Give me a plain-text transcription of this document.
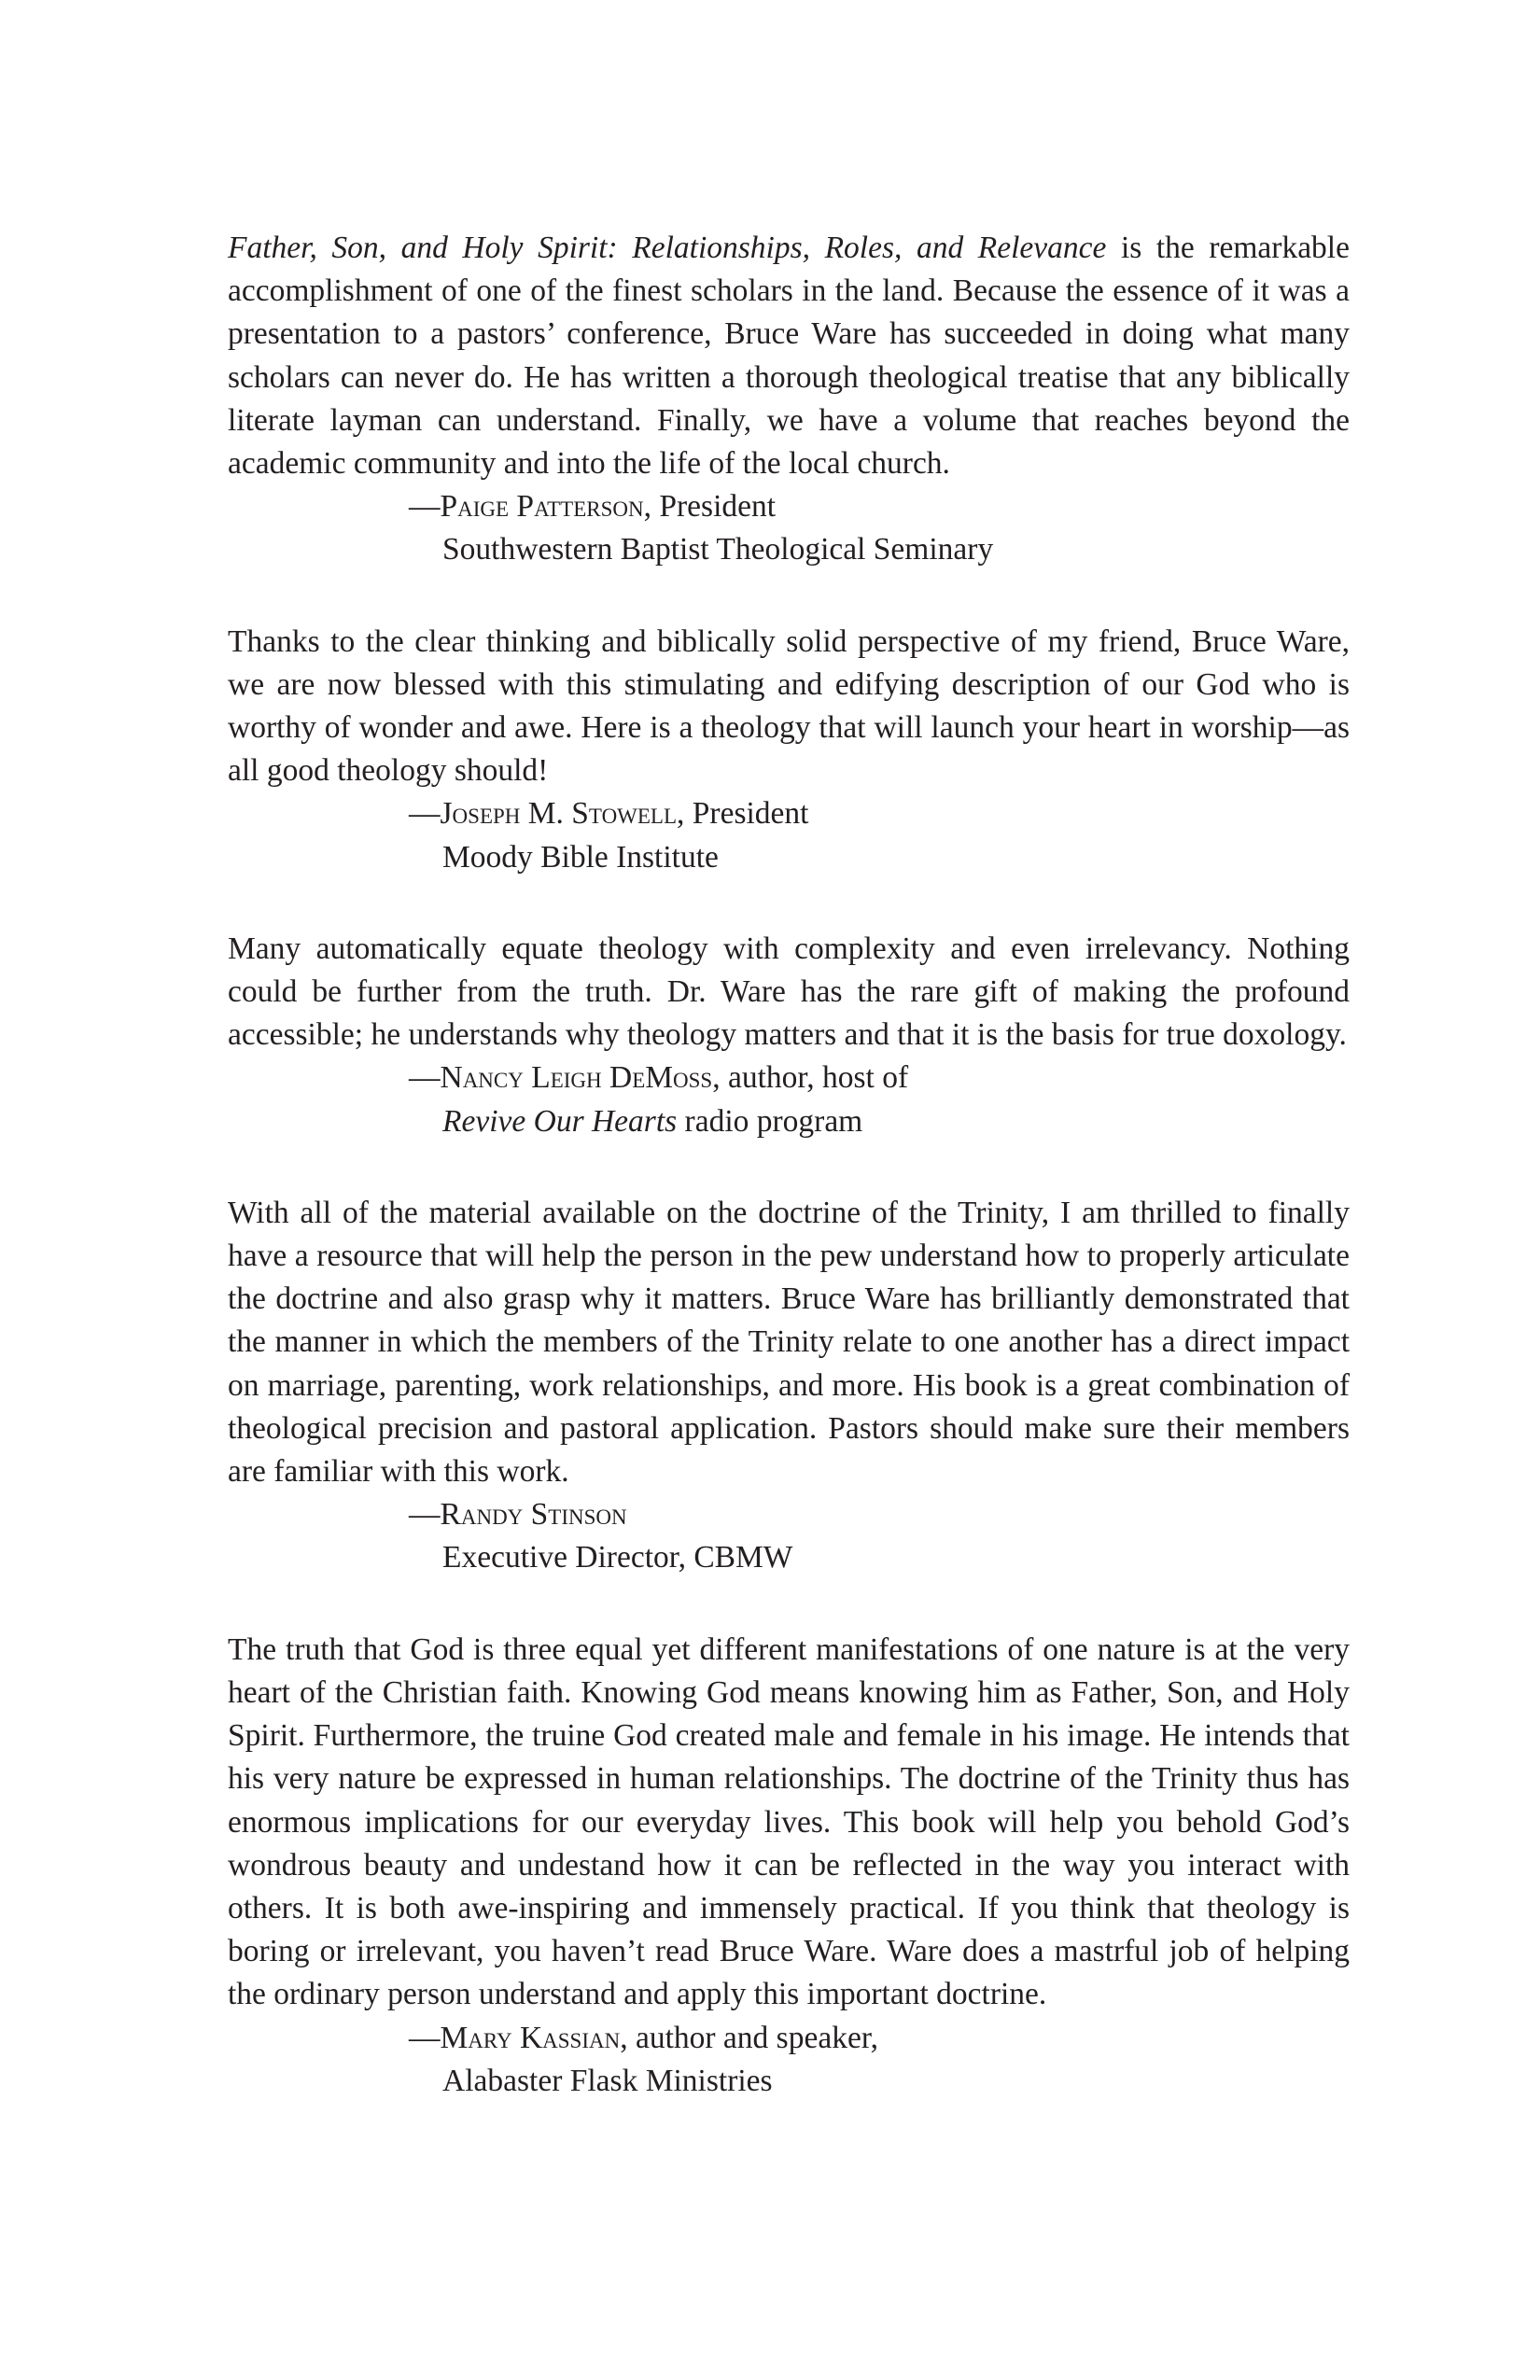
Father, Son, and Holy Spirit: Relationships, Roles, and Relevance is the remarkable accomplishment of one of the finest scholars in the land. Because the essence of it was a presentation to a pastors’ conference, Bruce Ware has succeeded in doing what many scholars can never do. He has written a thorough theological treatise that any biblically literate layman can understand. Finally, we have a volume that reaches beyond the academic community and into the life of the local church.

—Paige Patterson, President

Southwestern Baptist Theological Seminary

Thanks to the clear thinking and biblically solid perspective of my friend, Bruce Ware, we are now blessed with this stimulating and edifying description of our God who is worthy of wonder and awe. Here is a theology that will launch your heart in worship—as all good theology should!

—Joseph M. Stowell, President

Moody Bible Institute

Many automatically equate theology with complexity and even irrelevancy. Nothing could be further from the truth. Dr. Ware has the rare gift of making the profound accessible; he understands why theology matters and that it is the basis for true doxology.

—Nancy Leigh DeMoss, author, host of

Revive Our Hearts radio program

With all of the material available on the doctrine of the Trinity, I am thrilled to finally have a resource that will help the person in the pew understand how to properly articulate the doctrine and also grasp why it matters. Bruce Ware has brilliantly demonstrated that the manner in which the members of the Trinity relate to one another has a direct impact on marriage, parenting, work relationships, and more. His book is a great combination of theological precision and pastoral application. Pastors should make sure their members are familiar with this work.

—Randy Stinson

Executive Director, CBMW

The truth that God is three equal yet different manifestations of one nature is at the very heart of the Christian faith. Knowing God means knowing him as Father, Son, and Holy Spirit. Furthermore, the truine God created male and female in his image. He intends that his very nature be expressed in human relationships. The doctrine of the Trinity thus has enormous implications for our everyday lives. This book will help you behold God’s wondrous beauty and undestand how it can be reflected in the way you interact with others. It is both awe-inspiring and immensely practical. If you think that theology is boring or irrelevant, you haven’t read Bruce Ware. Ware does a mastrful job of helping the ordinary person understand and apply this important doctrine.

—Mary Kassian, author and speaker,

Alabaster Flask Ministries
